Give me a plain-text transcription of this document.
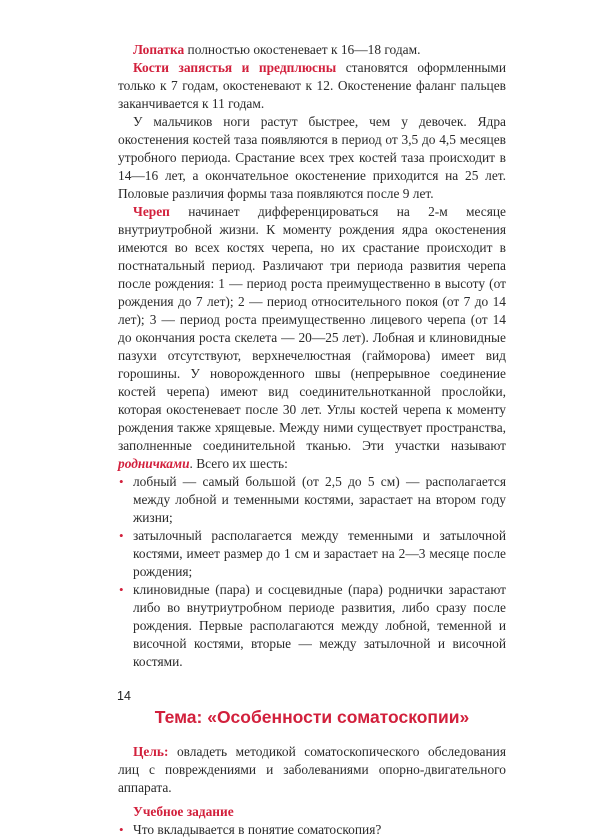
Лопатка полностью окостеневает к 16—18 годам.

Кости запястья и предплюсны становятся оформленными только к 7 годам, окостеневают к 12. Окостенение фаланг пальцев заканчивается к 11 годам.

У мальчиков ноги растут быстрее, чем у девочек. Ядра окостенения костей таза появляются в период от 3,5 до 4,5 месяцев утробного периода. Срастание всех трех костей таза происходит в 14—16 лет, а окончательное окостенение приходится на 25 лет. Половые различия формы таза появляются после 9 лет.

Череп начинает дифференцироваться на 2-м месяце внутриутробной жизни. К моменту рождения ядра окостенения имеются во всех костях черепа, но их срастание происходит в постнатальный период. Различают три периода развития черепа после рождения: 1 — период роста преимущественно в высоту (от рождения до 7 лет); 2 — период относительного покоя (от 7 до 14 лет); 3 — период роста преимущественно лицевого черепа (от 14 до окончания роста скелета — 20—25 лет). Лобная и клиновидные пазухи отсутствуют, верхнечелюстная (гайморова) имеет вид горошины. У новорожденного швы (непрерывное соединение костей черепа) имеют вид соединительнотканной прослойки, которая окостеневает после 30 лет. Углы костей черепа к моменту рождения также хрящевые. Между ними существует пространства, заполненные соединительной тканью. Эти участки называют родничками. Всего их шесть:

• лобный — самый большой (от 2,5 до 5 см) — располагается между лобной и теменными костями, зарастает на втором году жизни;
• затылочный располагается между теменными и затылочной костями, имеет размер до 1 см и зарастает на 2—3 месяце после рождения;
• клиновидные (пара) и сосцевидные (пара) роднички зарастают либо во внутриутробном периоде развития, либо сразу после рождения. Первые располагаются между лобной, теменной и височной костями, вторые — между затылочной и височной костями.
Тема: «Особенности соматоскопии»

Цель: овладеть методикой соматоскопического обследования лиц с повреждениями и заболеваниями опорно-двигательного аппарата.

Учебное задание

• Что вкладывается в понятие соматоскопия?
14
